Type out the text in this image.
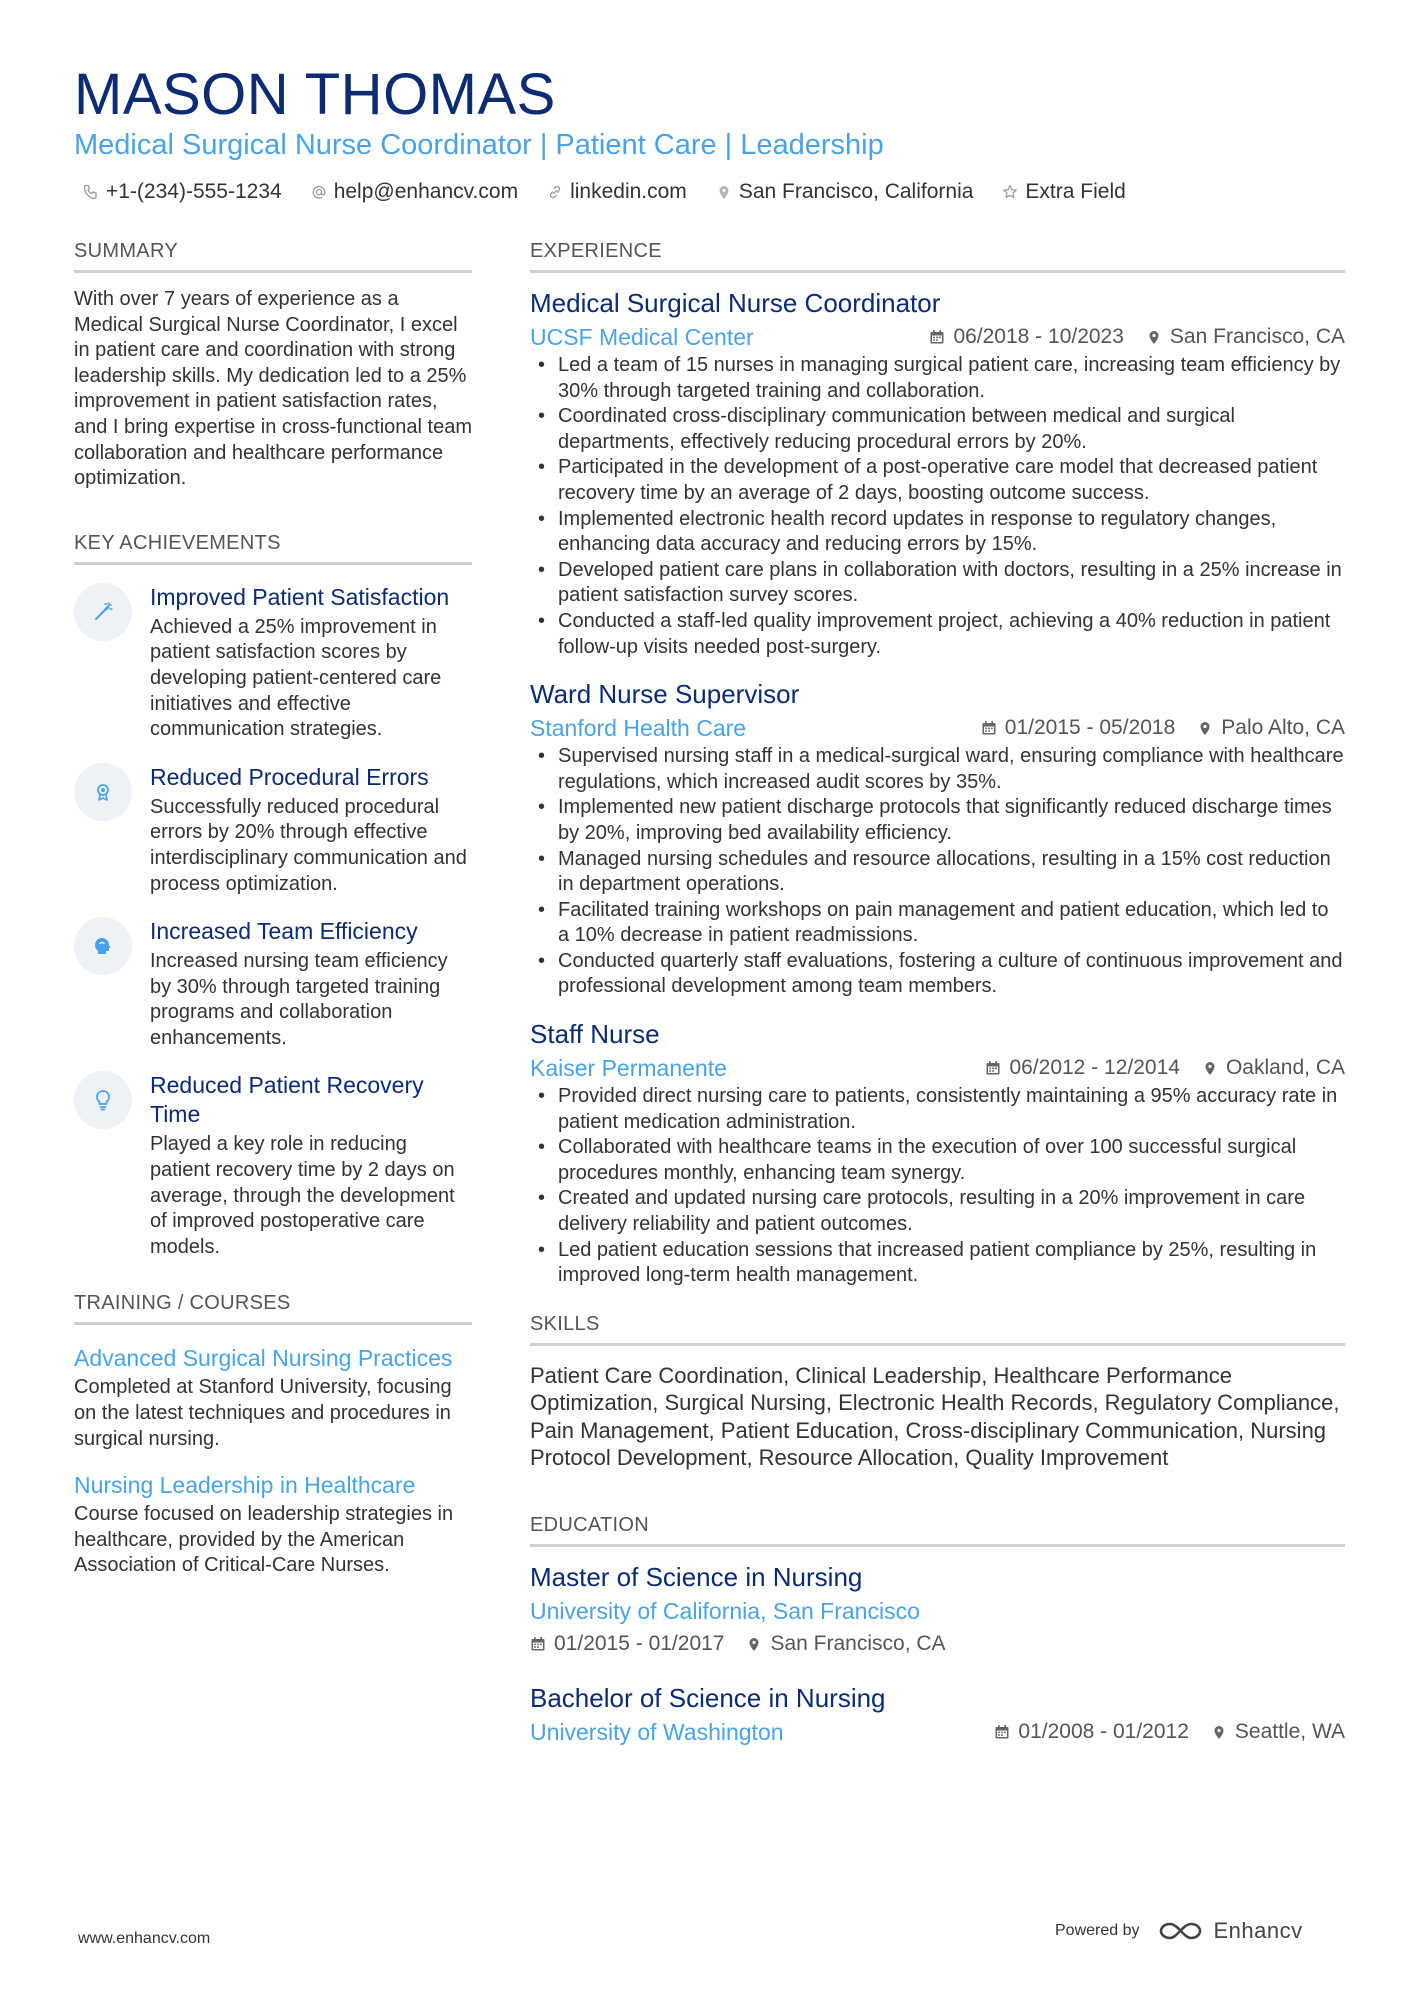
MASON THOMAS
Medical Surgical Nurse Coordinator | Patient Care | Leadership
+1-(234)-555-1234 help@enhancv.com linkedin.com San Francisco, California Extra Field
SUMMARY
With over 7 years of experience as a Medical Surgical Nurse Coordinator, I excel in patient care and coordination with strong leadership skills. My dedication led to a 25% improvement in patient satisfaction rates, and I bring expertise in cross-functional team collaboration and healthcare performance optimization.
KEY ACHIEVEMENTS
Improved Patient Satisfaction
Achieved a 25% improvement in patient satisfaction scores by developing patient-centered care initiatives and effective communication strategies.
Reduced Procedural Errors
Successfully reduced procedural errors by 20% through effective interdisciplinary communication and process optimization.
Increased Team Efficiency
Increased nursing team efficiency by 30% through targeted training programs and collaboration enhancements.
Reduced Patient Recovery Time
Played a key role in reducing patient recovery time by 2 days on average, through the development of improved postoperative care models.
TRAINING / COURSES
Advanced Surgical Nursing Practices
Completed at Stanford University, focusing on the latest techniques and procedures in surgical nursing.
Nursing Leadership in Healthcare
Course focused on leadership strategies in healthcare, provided by the American Association of Critical-Care Nurses.
EXPERIENCE
Medical Surgical Nurse Coordinator
UCSF Medical Center	06/2018 - 10/2023 San Francisco, CA
• Led a team of 15 nurses in managing surgical patient care, increasing team efficiency by 30% through targeted training and collaboration.
• Coordinated cross-disciplinary communication between medical and surgical departments, effectively reducing procedural errors by 20%.
• Participated in the development of a post-operative care model that decreased patient recovery time by an average of 2 days, boosting outcome success.
• Implemented electronic health record updates in response to regulatory changes, enhancing data accuracy and reducing errors by 15%.
• Developed patient care plans in collaboration with doctors, resulting in a 25% increase in patient satisfaction survey scores.
• Conducted a staff-led quality improvement project, achieving a 40% reduction in patient follow-up visits needed post-surgery.
Ward Nurse Supervisor
Stanford Health Care	01/2015 - 05/2018 Palo Alto, CA
• Supervised nursing staff in a medical-surgical ward, ensuring compliance with healthcare regulations, which increased audit scores by 35%.
• Implemented new patient discharge protocols that significantly reduced discharge times by 20%, improving bed availability efficiency.
• Managed nursing schedules and resource allocations, resulting in a 15% cost reduction in department operations.
• Facilitated training workshops on pain management and patient education, which led to a 10% decrease in patient readmissions.
• Conducted quarterly staff evaluations, fostering a culture of continuous improvement and professional development among team members.
Staff Nurse
Kaiser Permanente	06/2012 - 12/2014 Oakland, CA
• Provided direct nursing care to patients, consistently maintaining a 95% accuracy rate in patient medication administration.
• Collaborated with healthcare teams in the execution of over 100 successful surgical procedures monthly, enhancing team synergy.
• Created and updated nursing care protocols, resulting in a 20% improvement in care delivery reliability and patient outcomes.
• Led patient education sessions that increased patient compliance by 25%, resulting in improved long-term health management.
SKILLS
Patient Care Coordination, Clinical Leadership, Healthcare Performance Optimization, Surgical Nursing, Electronic Health Records, Regulatory Compliance, Pain Management, Patient Education, Cross-disciplinary Communication, Nursing Protocol Development, Resource Allocation, Quality Improvement
EDUCATION
Master of Science in Nursing
University of California, San Francisco
01/2015 - 01/2017 San Francisco, CA
Bachelor of Science in Nursing
University of Washington	01/2008 - 01/2012 Seattle, WA
www.enhancv.com	Powered by	Enhancv
